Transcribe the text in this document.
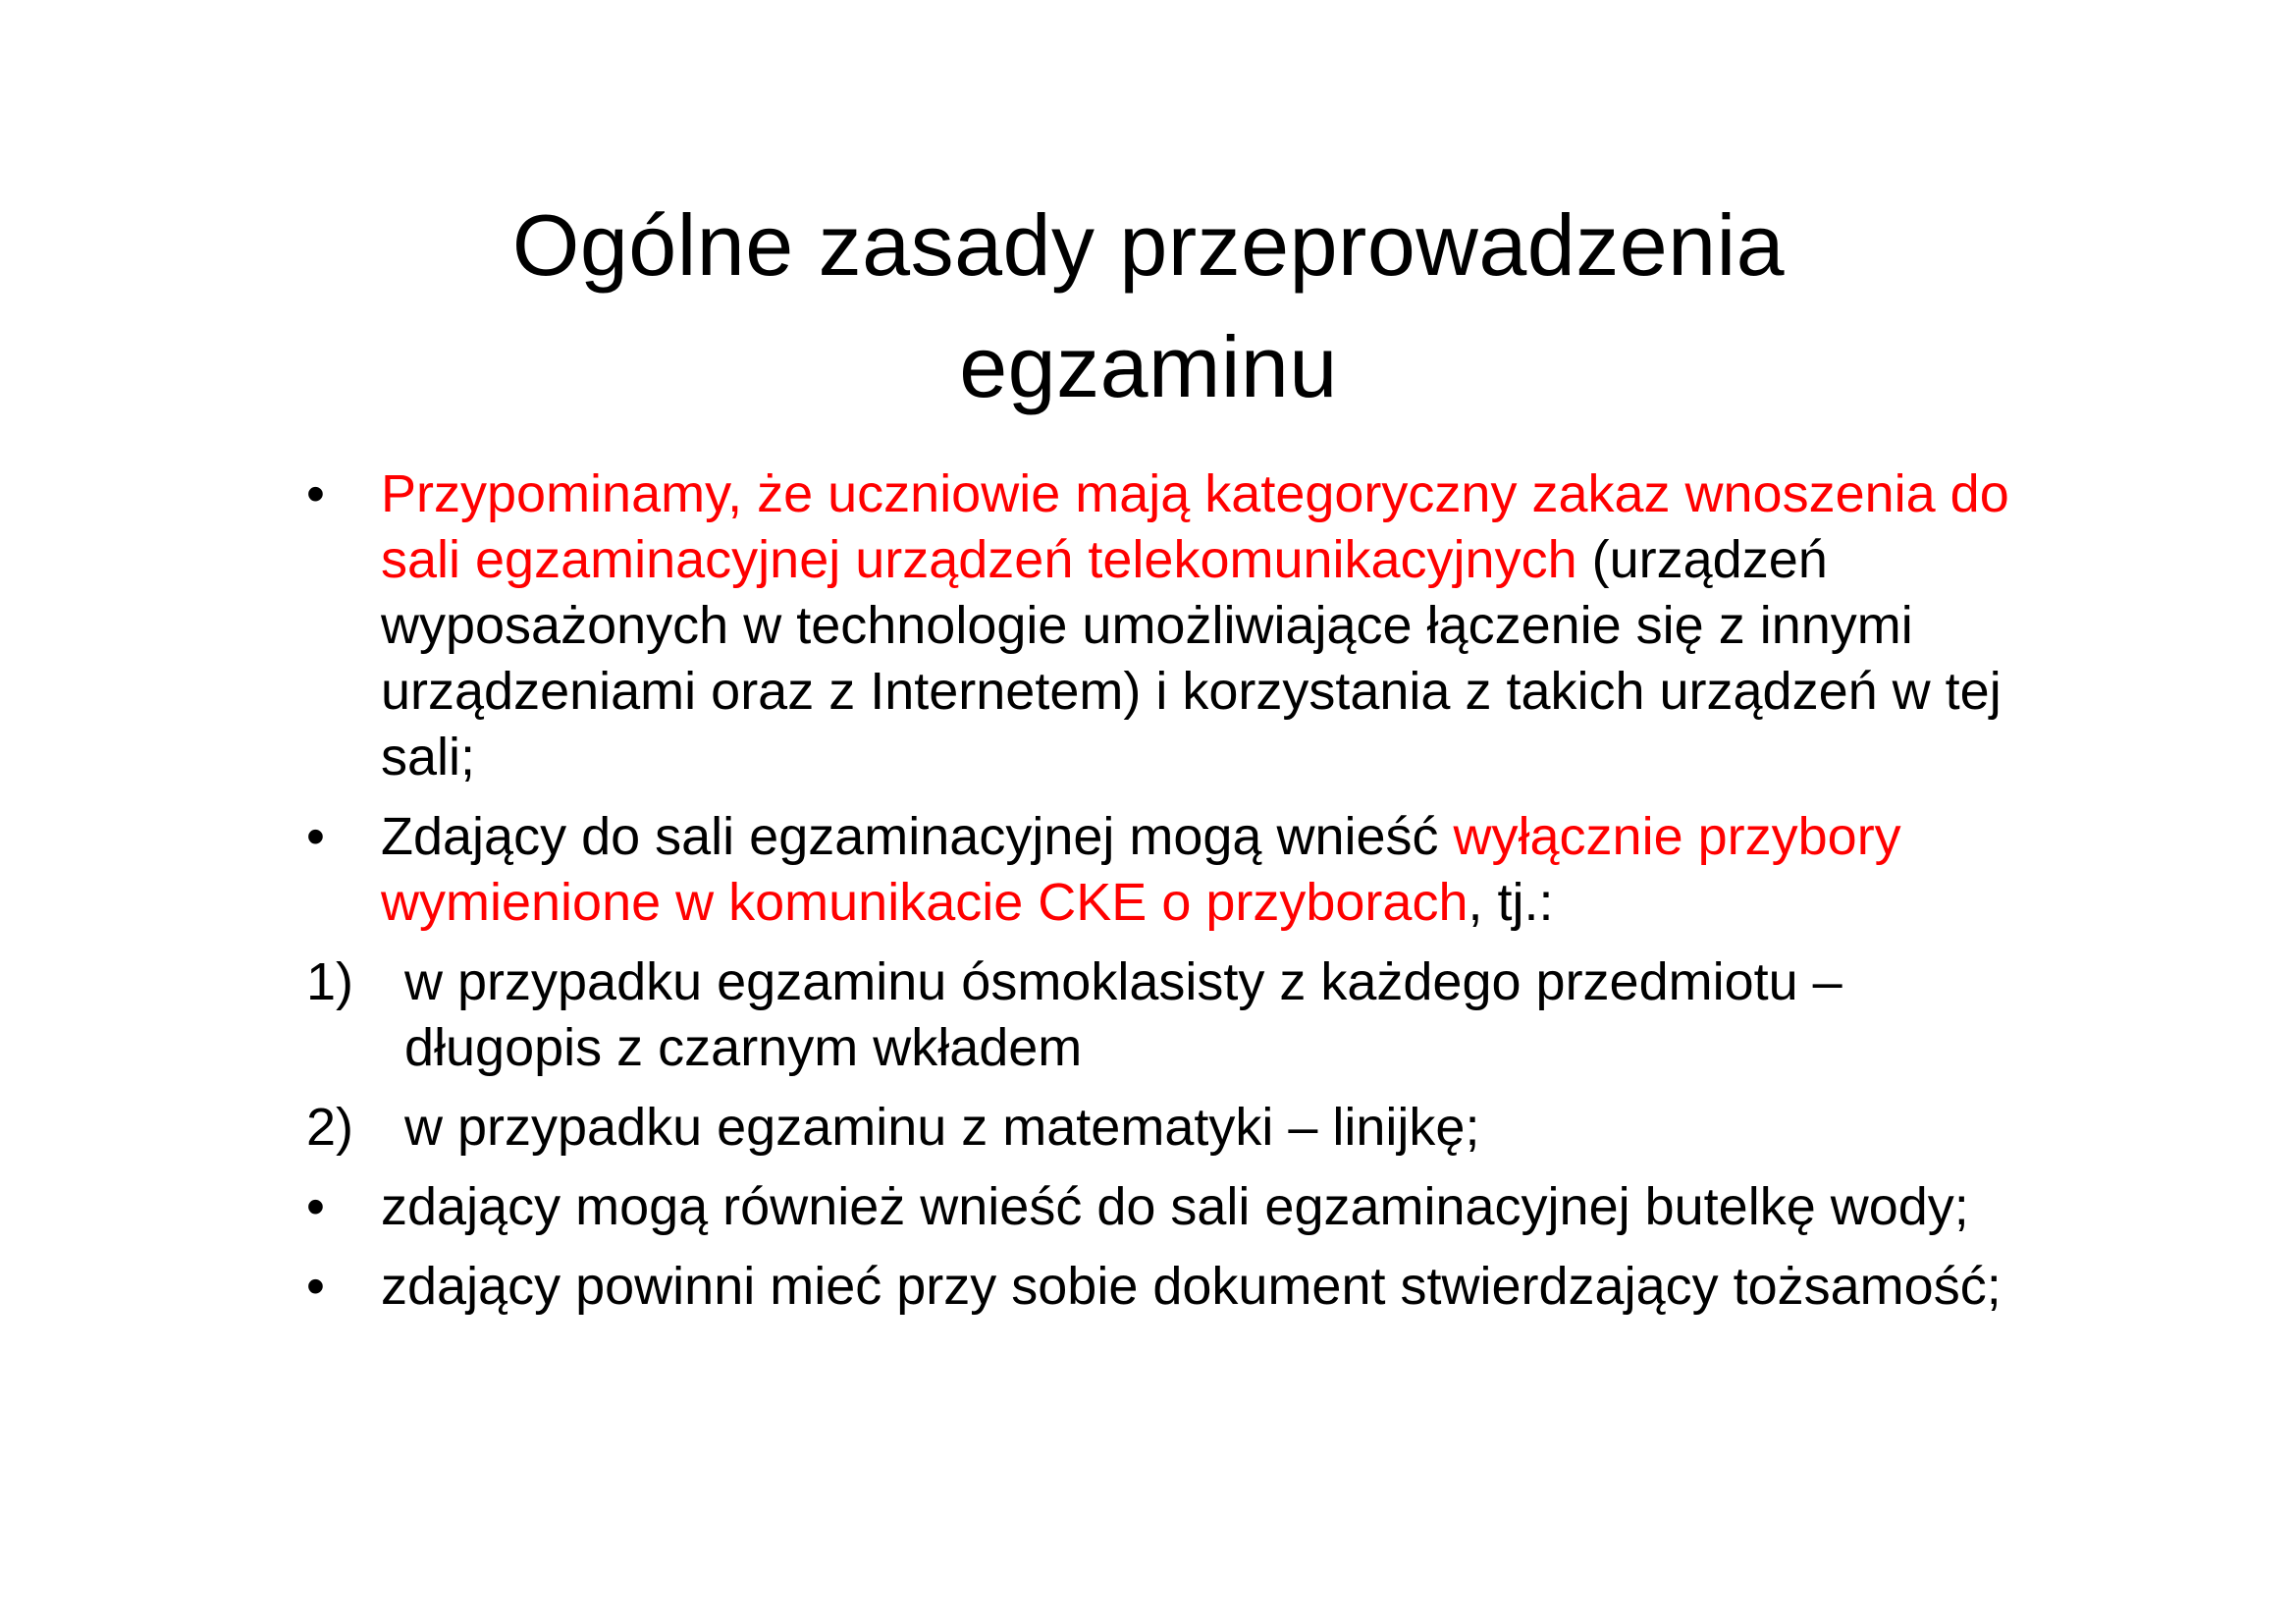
Ogólne zasady przeprowadzenia
egzaminu
• Przypominamy, że uczniowie mają kategoryczny zakaz wnoszenia do sali egzaminacyjnej urządzeń telekomunikacyjnych (urządzeń wyposażonych w technologie umożliwiające łączenie się z innymi urządzeniami oraz z Internetem) i korzystania z takich urządzeń w tej sali;
• Zdający do sali egzaminacyjnej mogą wnieść wyłącznie przybory wymienione w komunikacie CKE o przyborach, tj.:
1) w przypadku egzaminu ósmoklasisty z każdego przedmiotu – długopis z czarnym wkładem
2) w przypadku egzaminu z matematyki – linijkę;
• zdający mogą również wnieść do sali egzaminacyjnej butelkę wody;
• zdający powinni mieć przy sobie dokument stwierdzający tożsamość;
